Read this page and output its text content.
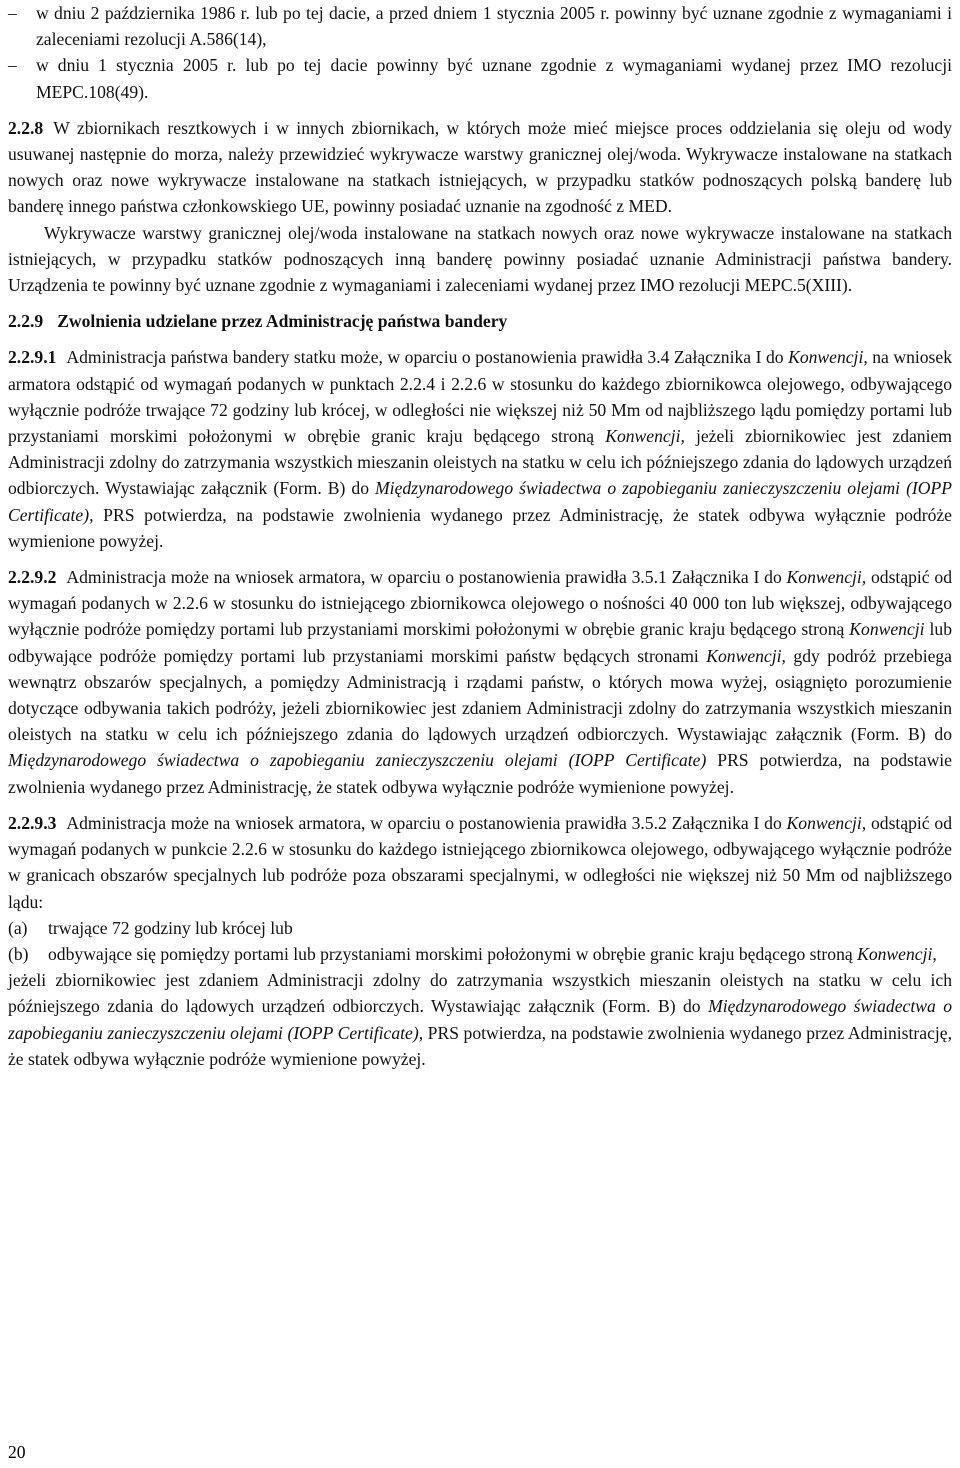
–	w dniu 2 października 1986 r. lub po tej dacie, a przed dniem 1 stycznia 2005 r. powinny być uznane zgodnie z wymaganiami i zaleceniami rezolucji A.586(14),
–	w dniu 1 stycznia 2005 r. lub po tej dacie powinny być uznane zgodnie z wymaganiami wydanej przez IMO rezolucji MEPC.108(49).

2.2.8 W zbiornikach resztkowych i w innych zbiornikach, w których może mieć miejsce proces oddzielania się oleju od wody usuwanej następnie do morza, należy przewidzieć wykrywacze warstwy granicznej olej/woda. Wykrywacze instalowane na statkach nowych oraz nowe wykrywacze instalowane na statkach istniejących, w przypadku statków podnoszących polską banderę lub banderę innego państwa członkowskiego UE, powinny posiadać uznanie na zgodność z MED.

Wykrywacze warstwy granicznej olej/woda instalowane na statkach nowych oraz nowe wykrywacze instalowane na statkach istniejących, w przypadku statków podnoszących inną banderę powinny posiadać uznanie Administracji państwa bandery. Urządzenia te powinny być uznane zgodnie z wymaganiami i zaleceniami wydanej przez IMO rezolucji MEPC.5(XIII).

2.2.9 Zwolnienia udzielane przez Administrację państwa bandery

2.2.9.1 Administracja państwa bandery statku może, w oparciu o postanowienia prawidła 3.4 Załącznika I do Konwencji, na wniosek armatora odstąpić od wymagań podanych w punktach 2.2.4 i 2.2.6 w stosunku do każdego zbiornikowca olejowego, odbywającego wyłącznie podróże trwające 72 godziny lub krócej, w odległości nie większej niż 50 Mm od najbliższego lądu pomiędzy portami lub przystaniami morskimi położonymi w obrębie granic kraju będącego stroną Konwencji, jeżeli zbiornikowiec jest zdaniem Administracji zdolny do zatrzymania wszystkich mieszanin oleistych na statku w celu ich późniejszego zdania do lądowych urządzeń odbiorczych. Wystawiając załącznik (Form. B) do Międzynarodowego świadectwa o zapobieganiu zanieczyszczeniu olejami (IOPP Certificate), PRS potwierdza, na podstawie zwolnienia wydanego przez Administrację, że statek odbywa wyłącznie podróże wymienione powyżej.

2.2.9.2 Administracja może na wniosek armatora, w oparciu o postanowienia prawidła 3.5.1 Załącznika I do Konwencji, odstąpić od wymagań podanych w 2.2.6 w stosunku do istniejącego zbiornikowca olejowego o nośności 40 000 ton lub większej, odbywającego wyłącznie podróże pomiędzy portami lub przystaniami morskimi położonymi w obrębie granic kraju będącego stroną Konwencji lub odbywające podróże pomiędzy portami lub przystaniami morskimi państw będących stronami Konwencji, gdy podróż przebiega wewnątrz obszarów specjalnych, a pomiędzy Administracją i rządami państw, o których mowa wyżej, osiągnięto porozumienie dotyczące odbywania takich podróży, jeżeli zbiornikowiec jest zdaniem Administracji zdolny do zatrzymania wszystkich mieszanin oleistych na statku w celu ich późniejszego zdania do lądowych urządzeń odbiorczych. Wystawiając załącznik (Form. B) do Międzynarodowego świadectwa o zapobieganiu zanieczyszczeniu olejami (IOPP Certificate) PRS potwierdza, na podstawie zwolnienia wydanego przez Administrację, że statek odbywa wyłącznie podróże wymienione powyżej.

2.2.9.3 Administracja może na wniosek armatora, w oparciu o postanowienia prawidła 3.5.2 Załącznika I do Konwencji, odstąpić od wymagań podanych w punkcie 2.2.6 w stosunku do każdego istniejącego zbiornikowca olejowego, odbywającego wyłącznie podróże w granicach obszarów specjalnych lub podróże poza obszarami specjalnymi, w odległości nie większej niż 50 Mm od najbliższego lądu:

(a)	trwające 72 godziny lub krócej lub
(b)	odbywające się pomiędzy portami lub przystaniami morskimi położonymi w obrębie granic kraju będącego stroną Konwencji,

jeżeli zbiornikowiec jest zdaniem Administracji zdolny do zatrzymania wszystkich mieszanin oleistych na statku w celu ich późniejszego zdania do lądowych urządzeń odbiorczych. Wystawiając załącznik (Form. B) do Międzynarodowego świadectwa o zapobieganiu zanieczyszczeniu olejami (IOPP Certificate), PRS potwierdza, na podstawie zwolnienia wydanego przez Administrację, że statek odbywa wyłącznie podróże wymienione powyżej.

20
